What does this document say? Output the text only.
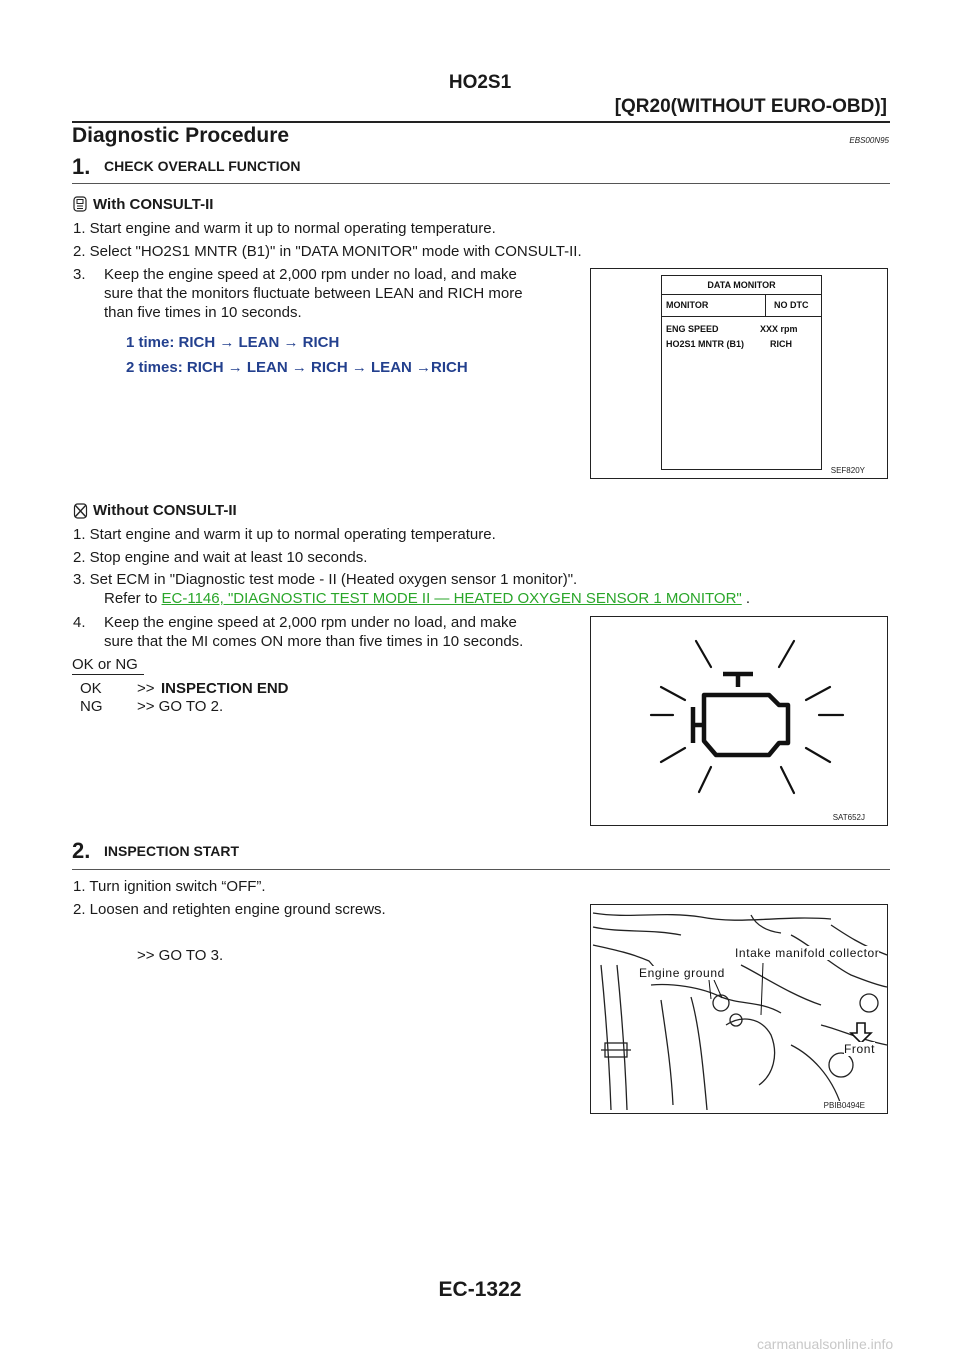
HO2S1
[QR20(WITHOUT EURO-OBD)]
Diagnostic Procedure	EBS00N95
1. CHECK OVERALL FUNCTION
With CONSULT-II
1. Start engine and warm it up to normal operating temperature.
2. Select "HO2S1 MNTR (B1)" in "DATA MONITOR" mode with CONSULT-II.
3. Keep the engine speed at 2,000 rpm under no load, and make
sure that the monitors fluctuate between LEAN and RICH more
than five times in 10 seconds.
1 time: RICH → LEAN → RICH
2 times: RICH → LEAN → RICH → LEAN →RICH
DATA MONITOR
MONITOR	NO DTC
ENG SPEED	XXX rpm
HO2S1 MNTR (B1)	RICH
SEF820Y
Without CONSULT-II
1. Start engine and warm it up to normal operating temperature.
2. Stop engine and wait at least 10 seconds.
3. Set ECM in "Diagnostic test mode - II (Heated oxygen sensor 1 monitor)".
Refer to EC-1146, "DIAGNOSTIC TEST MODE II — HEATED OXYGEN SENSOR 1 MONITOR" .
4. Keep the engine speed at 2,000 rpm under no load, and make
sure that the MI comes ON more than five times in 10 seconds.
OK or NG
OK >> INSPECTION END
NG >> GO TO 2.
SAT652J
2. INSPECTION START
1. Turn ignition switch “OFF”.
2. Loosen and retighten engine ground screws.
>> GO TO 3.	Intake manifold collector
Engine ground
Front
PBIB0494E
EC-1322
carmanualsonline.info
